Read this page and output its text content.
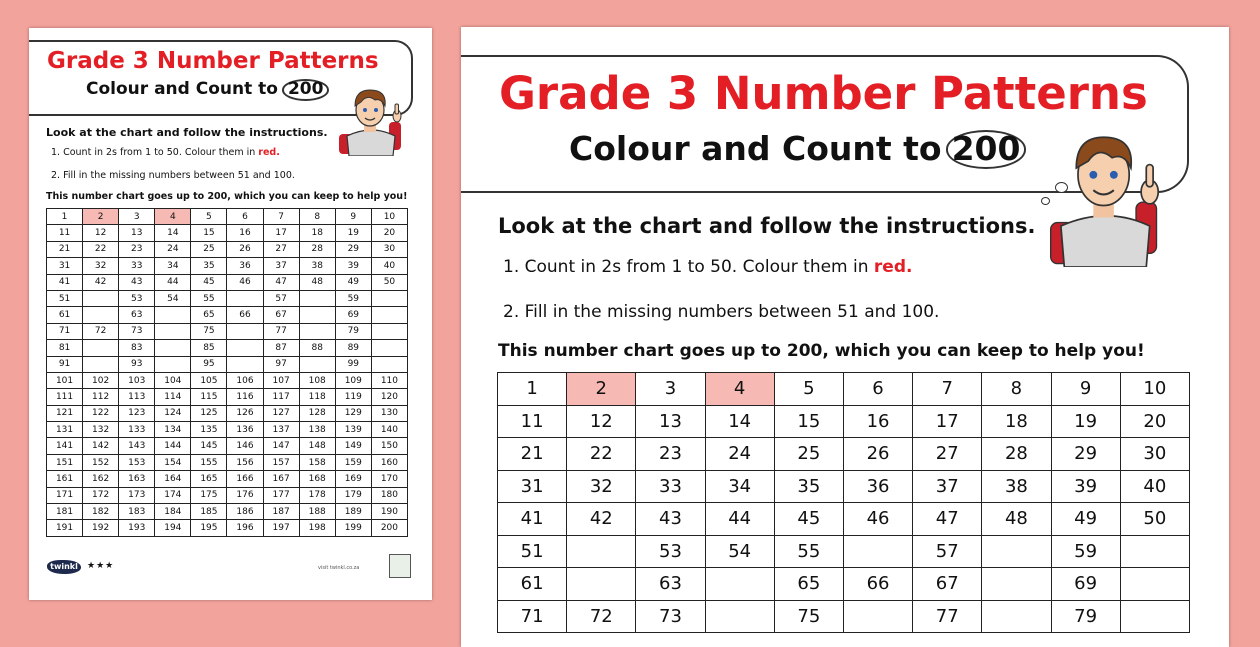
Grade 3 Number Patterns
Colour and Count to 200
Look at the chart and follow the instructions.
1. Count in 2s from 1 to 50. Colour them in red.
2. Fill in the missing numbers between 51 and 100.
This number chart goes up to 200, which you can keep to help you!
1	2	3	4	5	6	7	8	9	10
11	12	13	14	15	16	17	18	19	20
21	22	23	24	25	26	27	28	29	30
31	32	33	34	35	36	37	38	39	40
41	42	43	44	45	46	47	48	49	50
51		53	54	55		57		59	
61		63		65	66	67		69	
71	72	73		75		77		79	
81		83		85		87	88	89	
91		93		95		97		99	
101	102	103	104	105	106	107	108	109	110
111	112	113	114	115	116	117	118	119	120
121	122	123	124	125	126	127	128	129	130
131	132	133	134	135	136	137	138	139	140
141	142	143	144	145	146	147	148	149	150
151	152	153	154	155	156	157	158	159	160
161	162	163	164	165	166	167	168	169	170
171	172	173	174	175	176	177	178	179	180
181	182	183	184	185	186	187	188	189	190
191	192	193	194	195	196	197	198	199	200
twinkl	★★★	visit twinkl.co.za
Grade 3 Number Patterns
Colour and Count to 200
Look at the chart and follow the instructions.
1. Count in 2s from 1 to 50. Colour them in red.
2. Fill in the missing numbers between 51 and 100.
This number chart goes up to 200, which you can keep to help you!
1	2	3	4	5	6	7	8	9	10
11	12	13	14	15	16	17	18	19	20
21	22	23	24	25	26	27	28	29	30
31	32	33	34	35	36	37	38	39	40
41	42	43	44	45	46	47	48	49	50
51		53	54	55		57		59	
61		63		65	66	67		69	
71	72	73		75		77		79	
